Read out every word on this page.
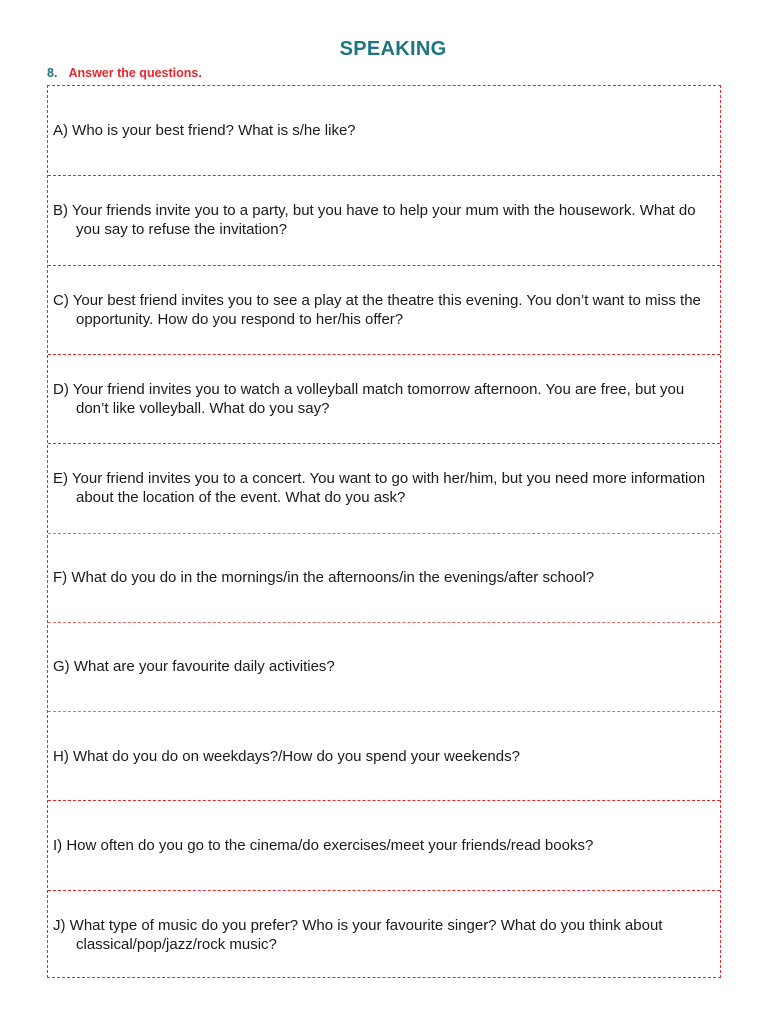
SPEAKING
8. Answer the questions.
A) Who is your best friend? What is s/he like?
B) Your friends invite you to a party, but you have to help your mum with the housework. What do you say to refuse the invitation?
C) Your best friend invites you to see a play at the theatre this evening. You don’t want to miss the opportunity. How do you respond to her/his offer?
D) Your friend invites you to watch a volleyball match tomorrow afternoon. You are free, but you don’t like volleyball. What do you say?
E) Your friend invites you to a concert. You want to go with her/him, but you need more information about the location of the event. What do you ask?
F) What do you do in the mornings/in the afternoons/in the evenings/after school?
G) What are your favourite daily activities?
H) What do you do on weekdays?/How do you spend your weekends?
I) How often do you go to the cinema/do exercises/meet your friends/read books?
J) What type of music do you prefer? Who is your favourite singer? What do you think about classical/pop/jazz/rock music?
